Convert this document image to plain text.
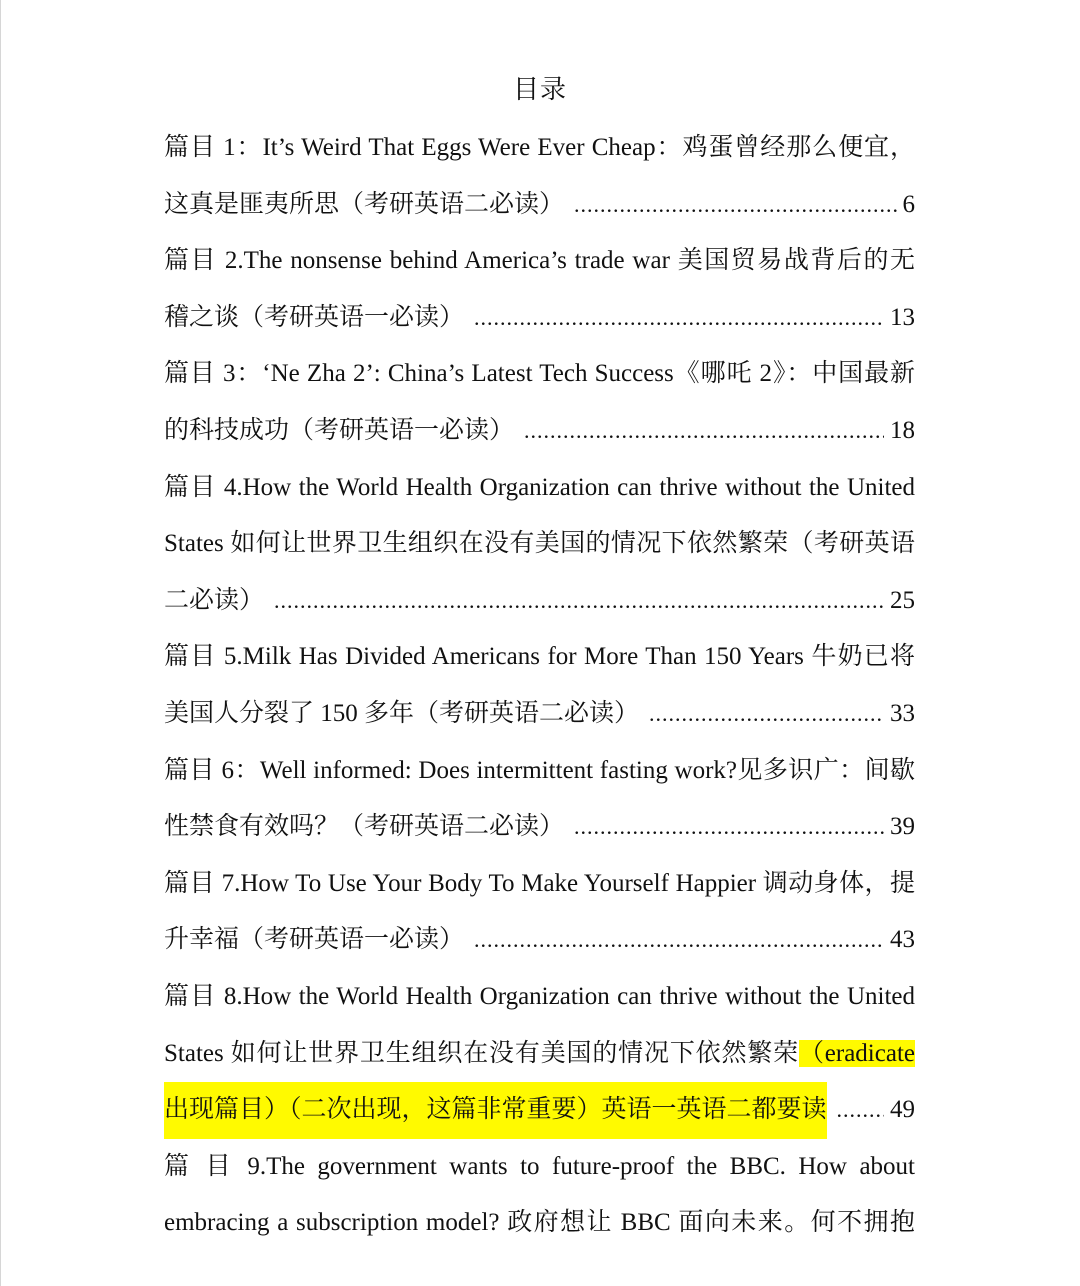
目录
篇目 1：It’s Weird That Eggs Were Ever Cheap：鸡蛋曾经那么便宜，
这真是匪夷所思（考研英语二必读） .....	6
篇目 2.The nonsense behind America’s trade war 美国贸易战背后的无
稽之谈（考研英语一必读） .....	13
篇目 3：‘Ne Zha 2’: China’s Latest Tech Success《哪吒 2》：中国最新
的科技成功（考研英语一必读） .....	18
篇目 4.How the World Health Organization can thrive without the United
States 如何让世界卫生组织在没有美国的情况下依然繁荣（考研英语
二必读） .....	25
篇目 5.Milk Has Divided Americans for More Than 150 Years 牛奶已将
美国人分裂了 150 多年（考研英语二必读） .....	33
篇目 6：Well informed: Does intermittent fasting work?见多识广：间歇
性禁食有效吗？（考研英语二必读） .....	39
篇目 7.How To Use Your Body To Make Yourself Happier 调动身体，提
升幸福（考研英语一必读） .....	43
篇目 8.How the World Health Organization can thrive without the United
States 如何让世界卫生组织在没有美国的情况下依然繁荣（eradicate
出现篇目）（二次出现，这篇非常重要）英语一英语二都要读 .....	49
篇 目 9.The government wants to future-proof the BBC. How about
embracing a subscription model? 政府想让 BBC 面向未来。何不拥抱
